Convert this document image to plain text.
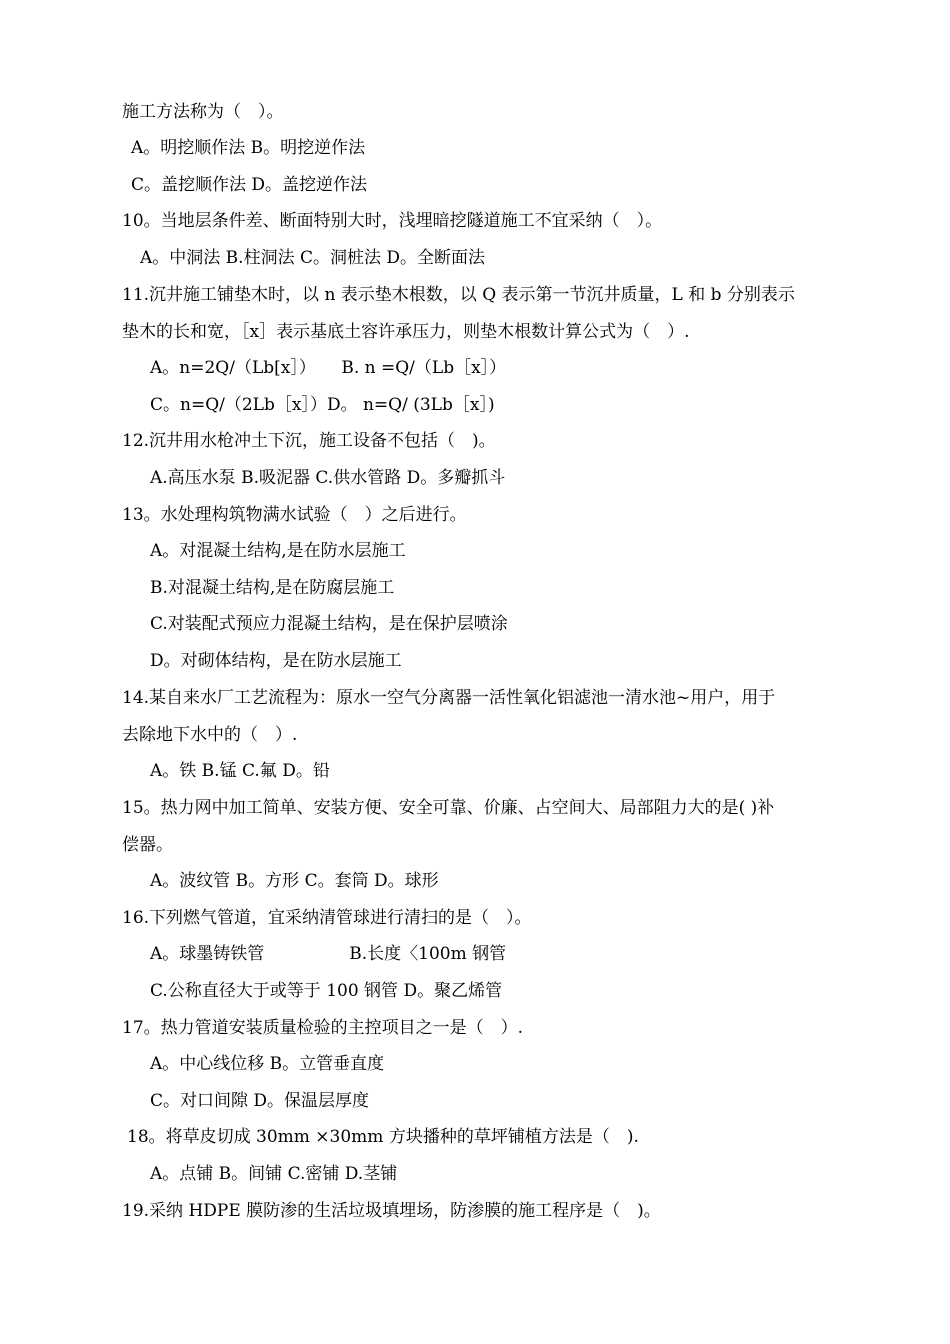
施工方法称为（　）。
A。明挖顺作法 B。明挖逆作法
C。盖挖顺作法 D。盖挖逆作法
10。当地层条件差、断面特别大时，浅埋暗挖隧道施工不宜采纳（　）。
A。中洞法 B.柱洞法 C。洞桩法 D。全断面法
11.沉井施工铺垫木时，以 n 表示垫木根数，以 Q 表示第一节沉井质量，L 和 b 分别表示
垫木的长和宽，［x］表示基底土容许承压力，则垫木根数计算公式为（　）.
A。n=2Q/（Lb[x］）　　B. n =Q/（Lb［x］）
C。n=Q/（2Lb［x］）D。 n=Q/ (3Lb［x］)
12.沉井用水枪冲土下沉，施工设备不包括（　)。
A.高压水泵 B.吸泥器 C.供水管路 D。多瓣抓斗
13。水处理构筑物满水试验（　）之后进行。
A。对混凝土结构,是在防水层施工
B.对混凝土结构,是在防腐层施工
C.对装配式预应力混凝土结构，是在保护层喷涂
D。对砌体结构，是在防水层施工
14.某自来水厂工艺流程为：原水一空气分离器一活性氧化铝滤池一清水池~用户，用于
去除地下水中的（　）.
A。铁 B.锰 C.氟 D。铅
15。热力网中加工简单、安装方便、安全可靠、价廉、占空间大、局部阻力大的是( )补
偿器。
A。波纹管 B。方形 C。套筒 D。球形
16.下列燃气管道，宜采纳清管球进行清扫的是（　）。
A。球墨铸铁管　　　　　B.长度〈100m 钢管
C.公称直径大于或等于 100 钢管 D。聚乙烯管
17。热力管道安装质量检验的主控项目之一是（　）.
A。中心线位移 B。立管垂直度
C。对口间隙 D。保温层厚度
18。将草皮切成 30mm ×30mm 方块播种的草坪铺植方法是（　).
A。点铺 B。间铺 C.密铺 D.茎铺
19.采纳 HDPE 膜防渗的生活垃圾填埋场，防渗膜的施工程序是（　)。
